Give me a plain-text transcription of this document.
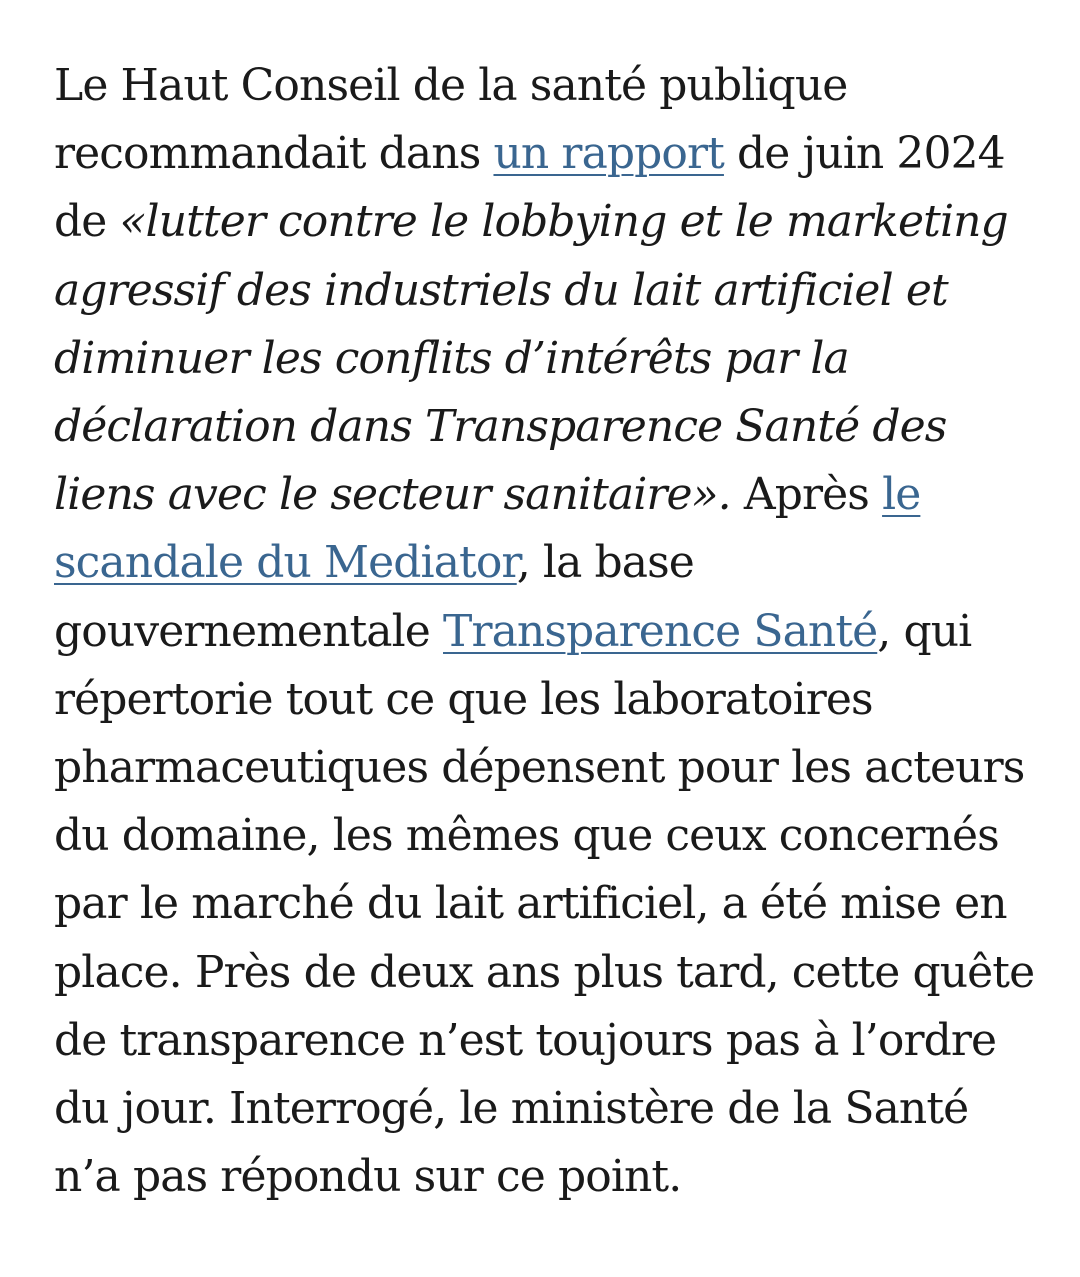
Le Haut Conseil de la santé publique recommandait dans un rapport de juin 2024 de «lutter contre le lobbying et le marketing agressif des industriels du lait artificiel et diminuer les conflits d’intérêts par la déclaration dans Transparence Santé des liens avec le secteur sanitaire». Après le scandale du Mediator, la base gouvernementale Transparence Santé, qui répertorie tout ce que les laboratoires pharmaceutiques dépensent pour les acteurs du domaine, les mêmes que ceux concernés par le marché du lait artificiel, a été mise en place. Près de deux ans plus tard, cette quête de transparence n’est toujours pas à l’ordre du jour. Interrogé, le ministère de la Santé n’a pas répondu sur ce point.
